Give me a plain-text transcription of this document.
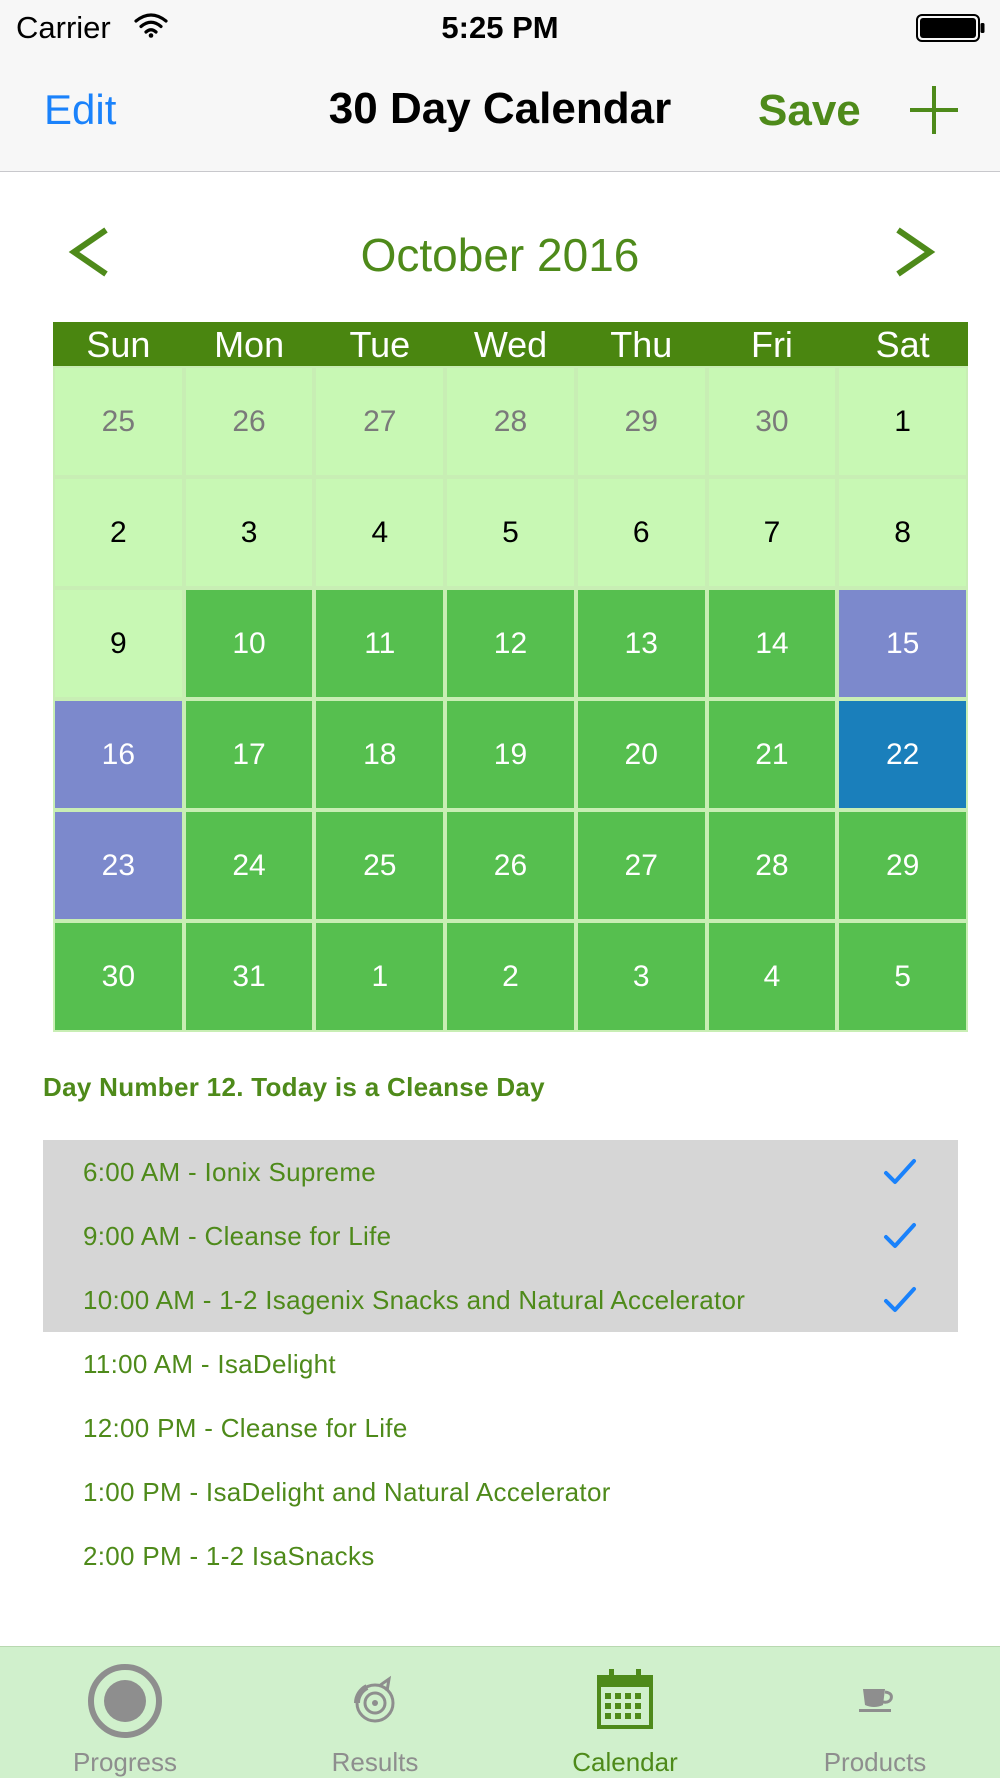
Carrier	5:25 PM
Edit	30 Day Calendar	Save
October 2016
Sun	Mon	Tue	Wed	Thu	Fri	Sat
25	26	27	28	29	30	1
2	3	4	5	6	7	8
9	10	11	12	13	14	15
16	17	18	19	20	21	22
23	24	25	26	27	28	29
30	31	1	2	3	4	5
Day Number 12. Today is a Cleanse Day
6:00 AM - Ionix Supreme
9:00 AM - Cleanse for Life
10:00 AM - 1-2 Isagenix Snacks and Natural Accelerator
11:00 AM - IsaDelight
12:00 PM - Cleanse for Life
1:00 PM - IsaDelight and Natural Accelerator
2:00 PM - 1-2 IsaSnacks
Progress	Results	Calendar	Products
